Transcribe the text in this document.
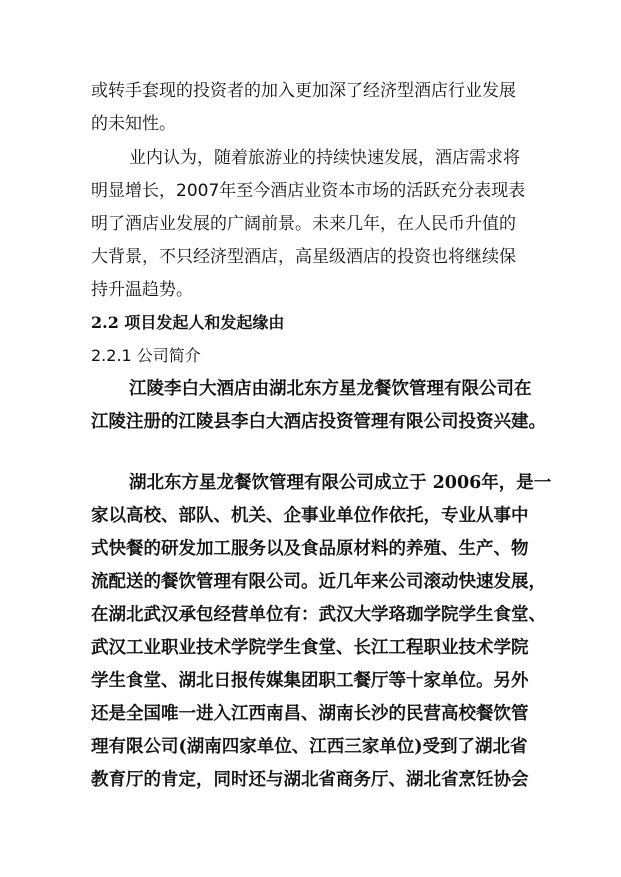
或转手套现的投资者的加入更加深了经济型酒店行业发展
的未知性。
业内认为，随着旅游业的持续快速发展，酒店需求将
明显增长，2007年至今酒店业资本市场的活跃充分表现表
明了酒店业发展的广阔前景。未来几年，在人民币升值的
大背景，不只经济型酒店，高星级酒店的投资也将继续保
持升温趋势。
2.2 项目发起人和发起缘由
2.2.1 公司简介
江陵李白大酒店由湖北东方星龙餐饮管理有限公司在
江陵注册的江陵县李白大酒店投资管理有限公司投资兴建。
湖北东方星龙餐饮管理有限公司成立于 2006年，是一
家以高校、部队、机关、企事业单位作依托，专业从事中
式快餐的研发加工服务以及食品原材料的养殖、生产、物
流配送的餐饮管理有限公司。近几年来公司滚动快速发展，
在湖北武汉承包经营单位有：武汉大学珞珈学院学生食堂、
武汉工业职业技术学院学生食堂、长江工程职业技术学院
学生食堂、湖北日报传媒集团职工餐厅等十家单位。另外
还是全国唯一进入江西南昌、湖南长沙的民营高校餐饮管
理有限公司(湖南四家单位、江西三家单位)受到了湖北省
教育厅的肯定，同时还与湖北省商务厅、湖北省烹饪协会
